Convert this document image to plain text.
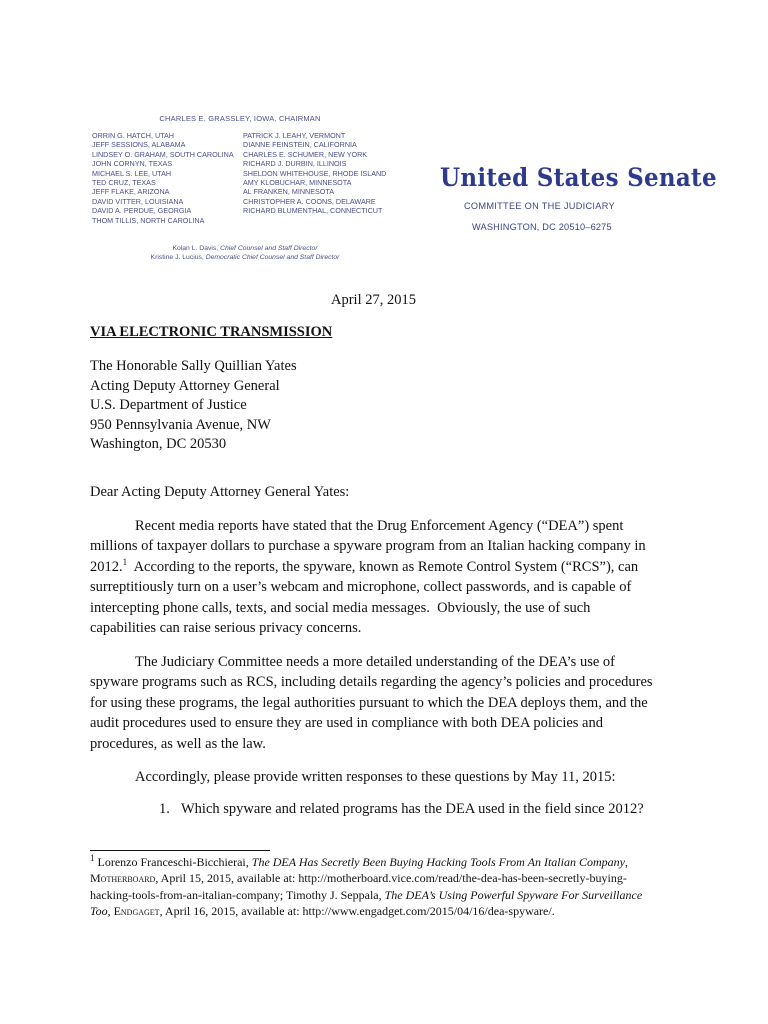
CHARLES E. GRASSLEY, IOWA, CHAIRMAN
ORRIN G. HATCH, UTAH
JEFF SESSIONS, ALABAMA
LINDSEY O. GRAHAM, SOUTH CAROLINA
JOHN CORNYN, TEXAS
MICHAEL S. LEE, UTAH
TED CRUZ, TEXAS
JEFF FLAKE, ARIZONA
DAVID VITTER, LOUISIANA
DAVID A. PERDUE, GEORGIA
THOM TILLIS, NORTH CAROLINA
PATRICK J. LEAHY, VERMONT
DIANNE FEINSTEIN, CALIFORNIA
CHARLES E. SCHUMER, NEW YORK
RICHARD J. DURBIN, ILLINOIS
SHELDON WHITEHOUSE, RHODE ISLAND
AMY KLOBUCHAR, MINNESOTA
AL FRANKEN, MINNESOTA
CHRISTOPHER A. COONS, DELAWARE
RICHARD BLUMENTHAL, CONNECTICUT
Kolan L. Davis, Chief Counsel and Staff Director
Kristine J. Lucius, Democratic Chief Counsel and Staff Director
United States Senate
COMMITTEE ON THE JUDICIARY
WASHINGTON, DC 20510–6275
April 27, 2015
VIA ELECTRONIC TRANSMISSION
The Honorable Sally Quillian Yates
Acting Deputy Attorney General
U.S. Department of Justice
950 Pennsylvania Avenue, NW
Washington, DC 20530
Dear Acting Deputy Attorney General Yates:
Recent media reports have stated that the Drug Enforcement Agency (“DEA”) spent
millions of taxpayer dollars to purchase a spyware program from an Italian hacking company in
2012.$^1$  According to the reports, the spyware, known as Remote Control System (“RCS”), can
surreptitiously turn on a user’s webcam and microphone, collect passwords, and is capable of
intercepting phone calls, texts, and social media messages.  Obviously, the use of such
capabilities can raise serious privacy concerns.
The Judiciary Committee needs a more detailed understanding of the DEA’s use of
spyware programs such as RCS, including details regarding the agency’s policies and procedures
for using these programs, the legal authorities pursuant to which the DEA deploys them, and the
audit procedures used to ensure they are used in compliance with both DEA policies and
procedures, as well as the law.
Accordingly, please provide written responses to these questions by May 11, 2015:
1. Which spyware and related programs has the DEA used in the field since 2012?
$^1$ Lorenzo Franceschi-Bicchierai, The DEA Has Secretly Been Buying Hacking Tools From An Italian Company,
Motherboard, April 15, 2015, available at: http://motherboard.vice.com/read/the-dea-has-been-secretly-buying-
hacking-tools-from-an-italian-company; Timothy J. Seppala, The DEA’s Using Powerful Spyware For Surveillance
Too, Endgaget, April 16, 2015, available at: http://www.engadget.com/2015/04/16/dea-spyware/.
